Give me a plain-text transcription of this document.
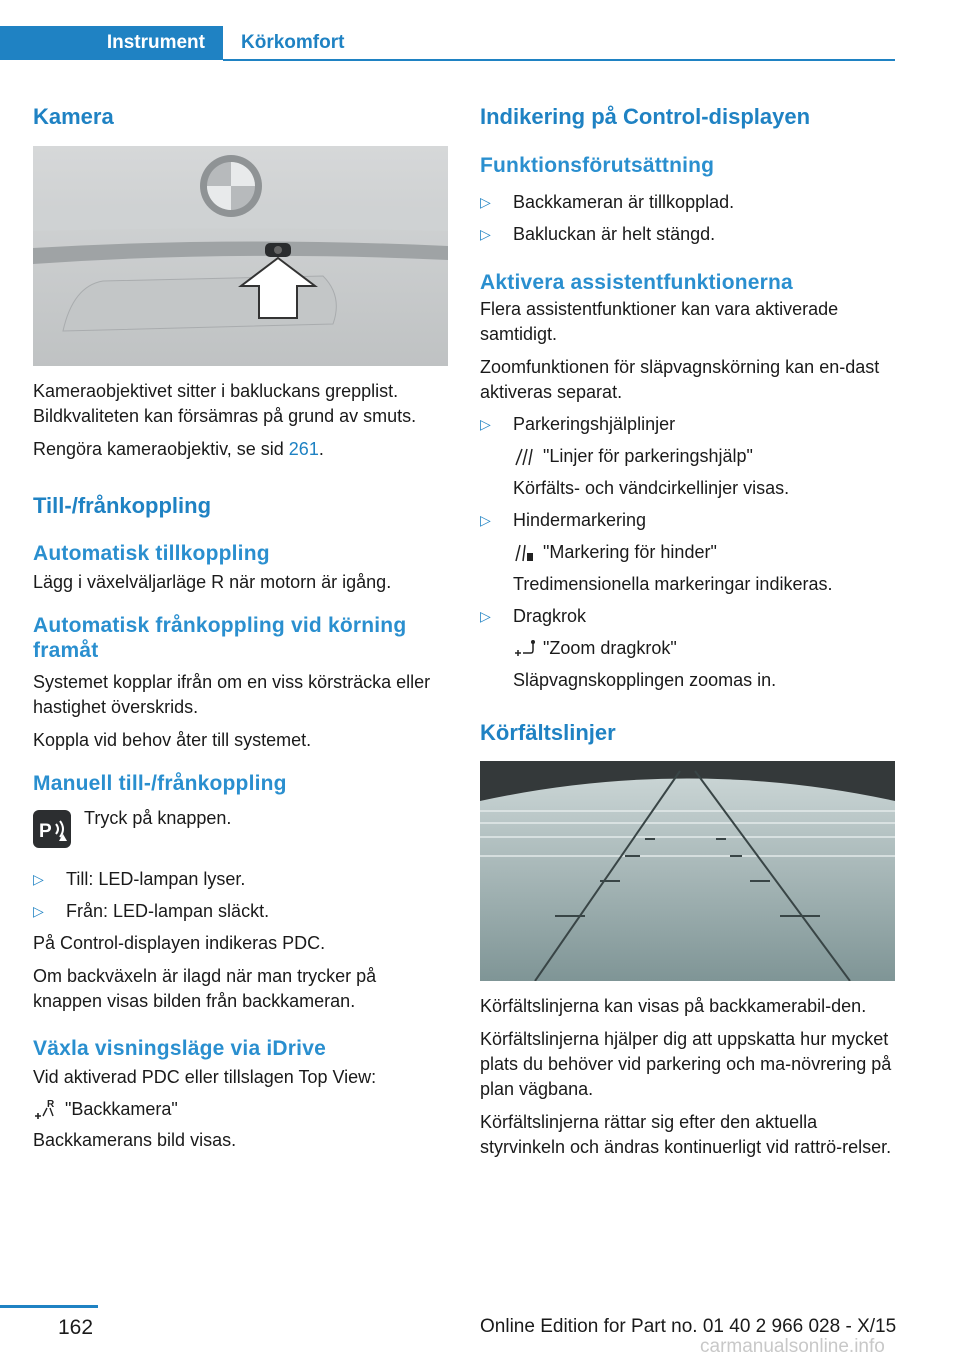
Instrument	Körkomfort
Kamera

Kameraobjektivet sitter i bakluckans grepplist. Bildkvaliteten kan försämras på grund av smuts.

Rengöra kameraobjektiv, se sid 261.

Till-/frånkoppling
Automatisk tillkoppling

Lägg i växelväljarläge R när motorn är igång.

Automatisk frånkoppling vid körning framåt

Systemet kopplar ifrån om en viss körsträcka eller hastighet överskrids.

Koppla vid behov åter till systemet.

Manuell till-/frånkoppling
P
Tryck på knappen.
▷ Till: LED-lampan lyser.
▷ Från: LED-lampan släckt.

På Control-displayen indikeras PDC.

Om backväxeln är ilagd när man trycker på knappen visas bilden från backkameran.

Växla visningsläge via iDrive

Vid aktiverad PDC eller tillslagen Top View:

R "Backkamera"

Backkamerans bild visas.

Indikering på Control-displayen
Funktionsförutsättning
▷ Backkameran är tillkopplad.
▷ Bakluckan är helt stängd.
Aktivera assistentfunktionerna

Flera assistentfunktioner kan vara aktiverade samtidigt.

Zoomfunktionen för släpvagnskörning kan en-dast aktiveras separat.

▷ Parkeringshjälplinjer
"Linjer för parkeringshjälp"

Körfälts- och vändcirkellinjer visas.

▷ Hindermarkering
"Markering för hinder"

Tredimensionella markeringar indikeras.

▷ Dragkrok
"Zoom dragkrok"

Släpvagnskopplingen zoomas in.

Körfältslinjer

Körfältslinjerna kan visas på backkamerabil-den.

Körfältslinjerna hjälper dig att uppskatta hur mycket plats du behöver vid parkering och ma-növrering på plan vägbana.

Körfältslinjerna rättar sig efter den aktuella styrvinkeln och ändras kontinuerligt vid rattrö-relser.

162	Online Edition for Part no. 01 40 2 966 028 - X/15
carmanualsonline.info
